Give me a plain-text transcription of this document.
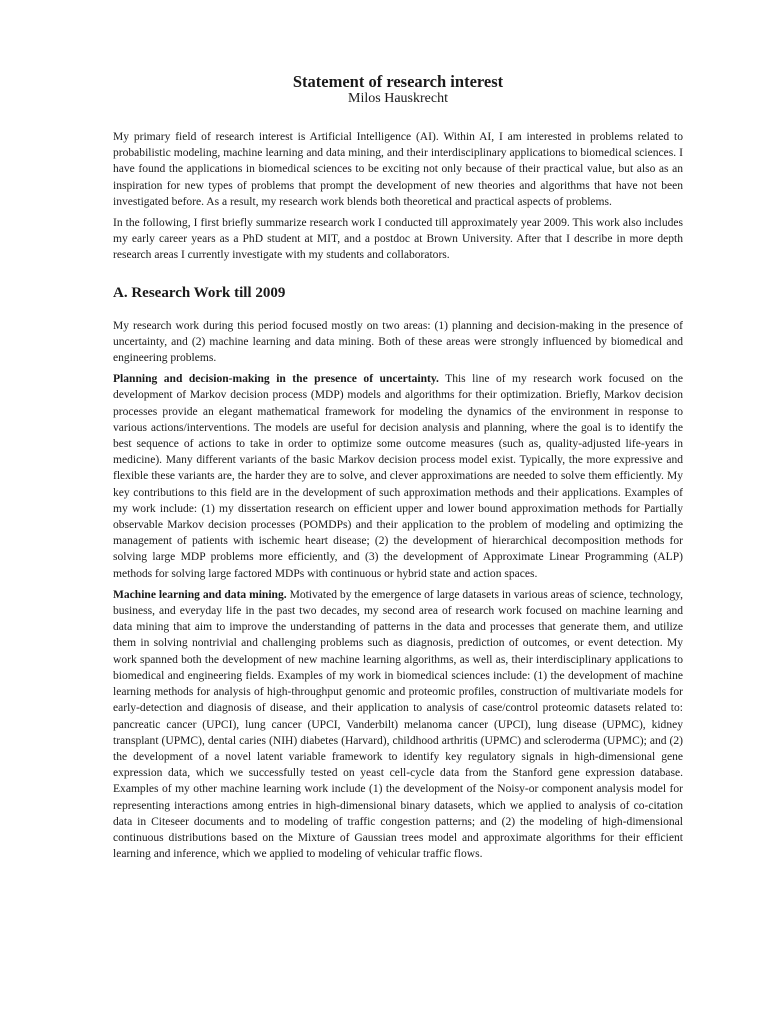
Statement of research interest
Milos Hauskrecht

My primary field of research interest is Artificial Intelligence (AI). Within AI, I am interested in problems related to probabilistic modeling, machine learning and data mining, and their interdisciplinary applications to biomedical sciences. I have found the applications in biomedical sciences to be exciting not only because of their practical value, but also as an inspiration for new types of problems that prompt the development of new theories and algorithms that have not been investigated before. As a result, my research work blends both theoretical and practical aspects of problems.

In the following, I first briefly summarize research work I conducted till approximately year 2009. This work also includes my early career years as a PhD student at MIT, and a postdoc at Brown University. After that I describe in more depth research areas I currently investigate with my students and collaborators.

A. Research Work till 2009

My research work during this period focused mostly on two areas: (1) planning and decision-making in the presence of uncertainty, and (2) machine learning and data mining. Both of these areas were strongly influenced by biomedical and engineering problems.

Planning and decision-making in the presence of uncertainty. This line of my research work focused on the development of Markov decision process (MDP) models and algorithms for their optimization. Briefly, Markov decision processes provide an elegant mathematical framework for modeling the dynamics of the environment in response to various actions/interventions. The models are useful for decision analysis and planning, where the goal is to identify the best sequence of actions to take in order to optimize some outcome measures (such as, quality-adjusted life-years in medicine). Many different variants of the basic Markov decision process model exist. Typically, the more expressive and flexible these variants are, the harder they are to solve, and clever approximations are needed to solve them efficiently. My key contributions to this field are in the development of such approximation methods and their applications. Examples of my work include: (1) my dissertation research on efficient upper and lower bound approximation methods for Partially observable Markov decision processes (POMDPs) and their application to the problem of modeling and optimizing the management of patients with ischemic heart disease; (2) the development of hierarchical decomposition methods for solving large MDP problems more efficiently, and (3) the development of Approximate Linear Programming (ALP) methods for solving large factored MDPs with continuous or hybrid state and action spaces.

Machine learning and data mining. Motivated by the emergence of large datasets in various areas of science, technology, business, and everyday life in the past two decades, my second area of research work focused on machine learning and data mining that aim to improve the understanding of patterns in the data and processes that generate them, and utilize them in solving nontrivial and challenging problems such as diagnosis, prediction of outcomes, or event detection. My work spanned both the development of new machine learning algorithms, as well as, their interdisciplinary applications to biomedical and engineering fields. Examples of my work in biomedical sciences include: (1) the development of machine learning methods for analysis of high-throughput genomic and proteomic profiles, construction of multivariate models for early-detection and diagnosis of disease, and their application to analysis of case/control proteomic datasets related to: pancreatic cancer (UPCI), lung cancer (UPCI, Vanderbilt) melanoma cancer (UPCI), lung disease (UPMC), kidney transplant (UPMC), dental caries (NIH) diabetes (Harvard), childhood arthritis (UPMC) and scleroderma (UPMC); and (2) the development of a novel latent variable framework to identify key regulatory signals in high-dimensional gene expression data, which we successfully tested on yeast cell-cycle data from the Stanford gene expression database. Examples of my other machine learning work include (1) the development of the Noisy-or component analysis model for representing interactions among entries in high-dimensional binary datasets, which we applied to analysis of co-citation data in Citeseer documents and to modeling of traffic congestion patterns; and (2) the modeling of high-dimensional continuous distributions based on the Mixture of Gaussian trees model and approximate algorithms for their efficient learning and inference, which we applied to modeling of vehicular traffic flows.
